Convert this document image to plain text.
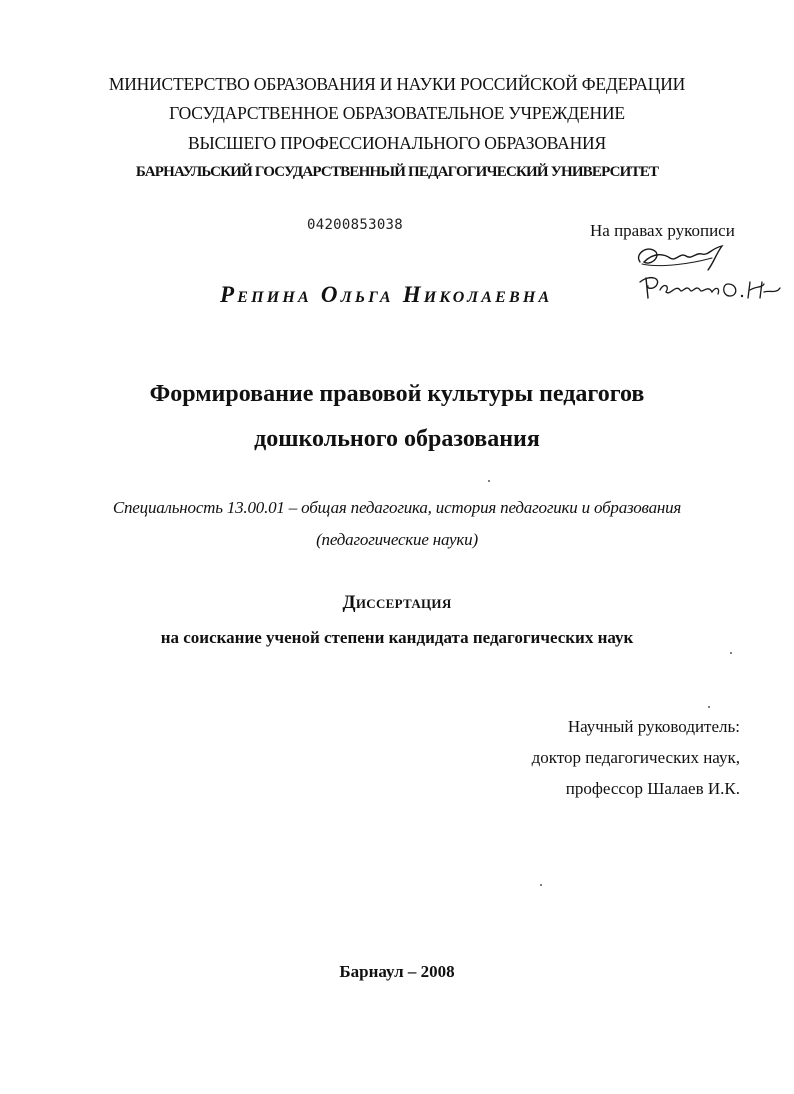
МИНИСТЕРСТВО ОБРАЗОВАНИЯ И НАУКИ РОССИЙСКОЙ ФЕДЕРАЦИИ
ГОСУДАРСТВЕННОЕ ОБРАЗОВАТЕЛЬНОЕ УЧРЕЖДЕНИЕ
ВЫСШЕГО ПРОФЕССИОНАЛЬНОГО ОБРАЗОВАНИЯ
БАРНАУЛЬСКИЙ ГОСУДАРСТВЕННЫЙ ПЕДАГОГИЧЕСКИЙ УНИВЕРСИТЕТ
04200853038	На правах рукописи
Репина Ольга Николаевна
Формирование правовой культуры педагогов
дошкольного образования
Специальность 13.00.01 – общая педагогика, история педагогики и образования
(педагогические науки)
Диссертация
на соискание ученой степени кандидата педагогических наук
Научный руководитель:
доктор педагогических наук,
профессор Шалаев И.К.
Барнаул – 2008
